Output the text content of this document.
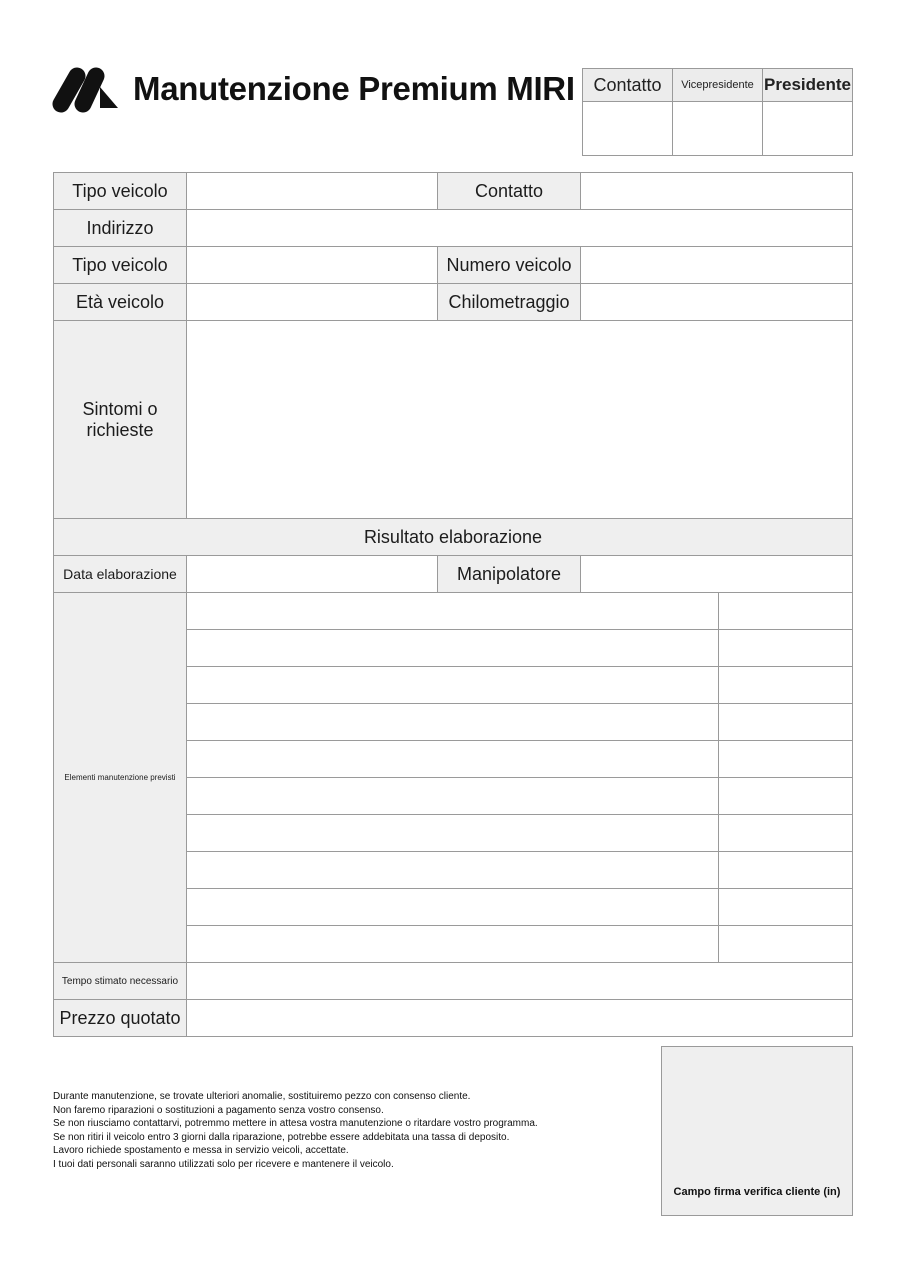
Manutenzione Premium MIRI Contatto	Vicepresidente	Presidente

Tipo veicolo		Contatto		
Indirizzo				
Tipo veicolo		Numero veicolo		
Età veicolo		Chilometraggio		
Sintomi o
richieste				
Risultato elaborazione				
Data elaborazione		Manipolatore		
Elementi manutenzione previsti				

Tempo stimato necessario				
Prezzo quotato				
Durante manutenzione, se trovate ulteriori anomalie, sostituiremo pezzo con consenso cliente.
Non faremo riparazioni o sostituzioni a pagamento senza vostro consenso.
Se non riusciamo contattarvi, potremmo mettere in attesa vostra manutenzione o ritardare vostro programma.
Se non ritiri il veicolo entro 3 giorni dalla riparazione, potrebbe essere addebitata una tassa di deposito.
Lavoro richiede spostamento e messa in servizio veicoli, accettate.
I tuoi dati personali saranno utilizzati solo per ricevere e mantenere il veicolo.
Campo firma verifica cliente (in)
